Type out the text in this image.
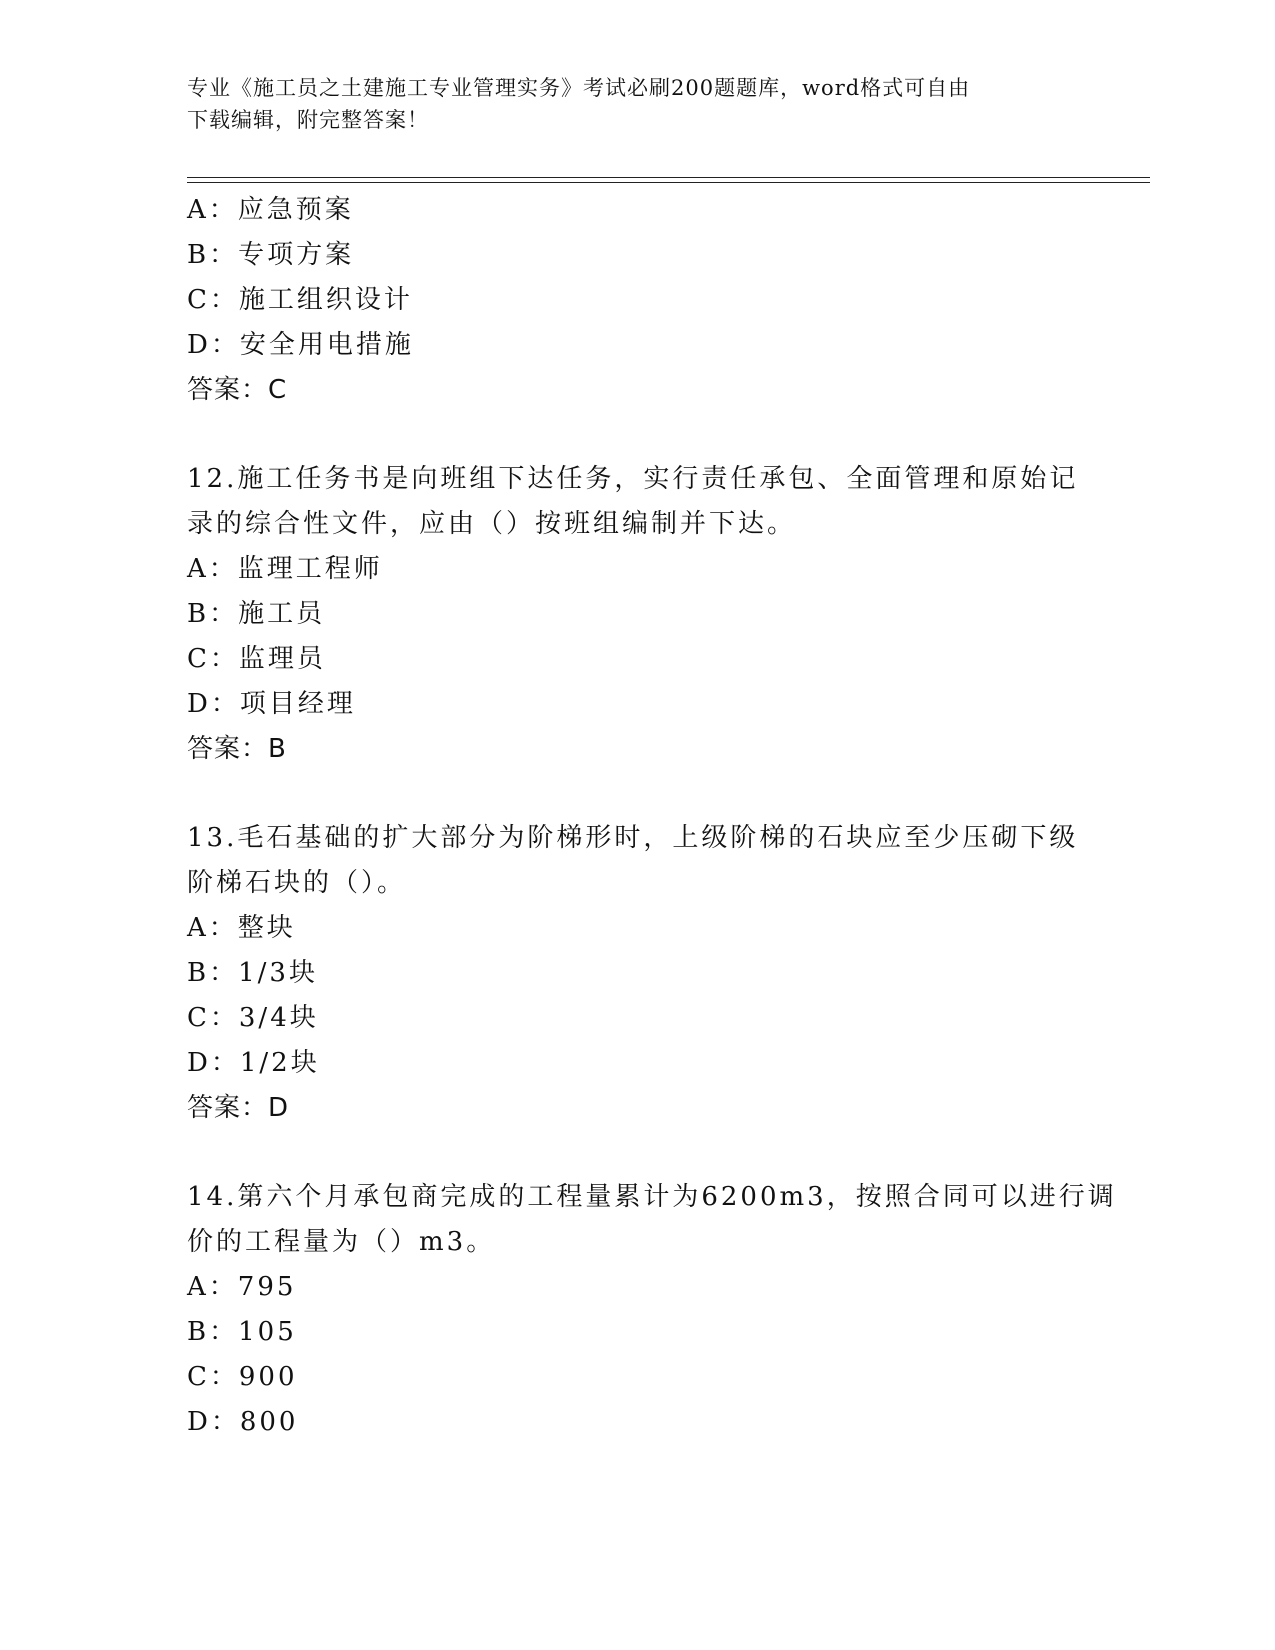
专业《施工员之土建施工专业管理实务》考试必刷200题题库，word格式可自由
下载编辑，附完整答案！
A：应急预案
B：专项方案
C：施工组织设计
D：安全用电措施
答案：C
12.施工任务书是向班组下达任务，实行责任承包、全面管理和原始记
录的综合性文件，应由（）按班组编制并下达。
A：监理工程师
B：施工员
C：监理员
D：项目经理
答案：B
13.毛石基础的扩大部分为阶梯形时，上级阶梯的石块应至少压砌下级
阶梯石块的（）。
A：整块
B：1/3块
C：3/4块
D：1/2块
答案：D
14.第六个月承包商完成的工程量累计为6200m3，按照合同可以进行调
价的工程量为（）m3。
A：795
B：105
C：900
D：800
